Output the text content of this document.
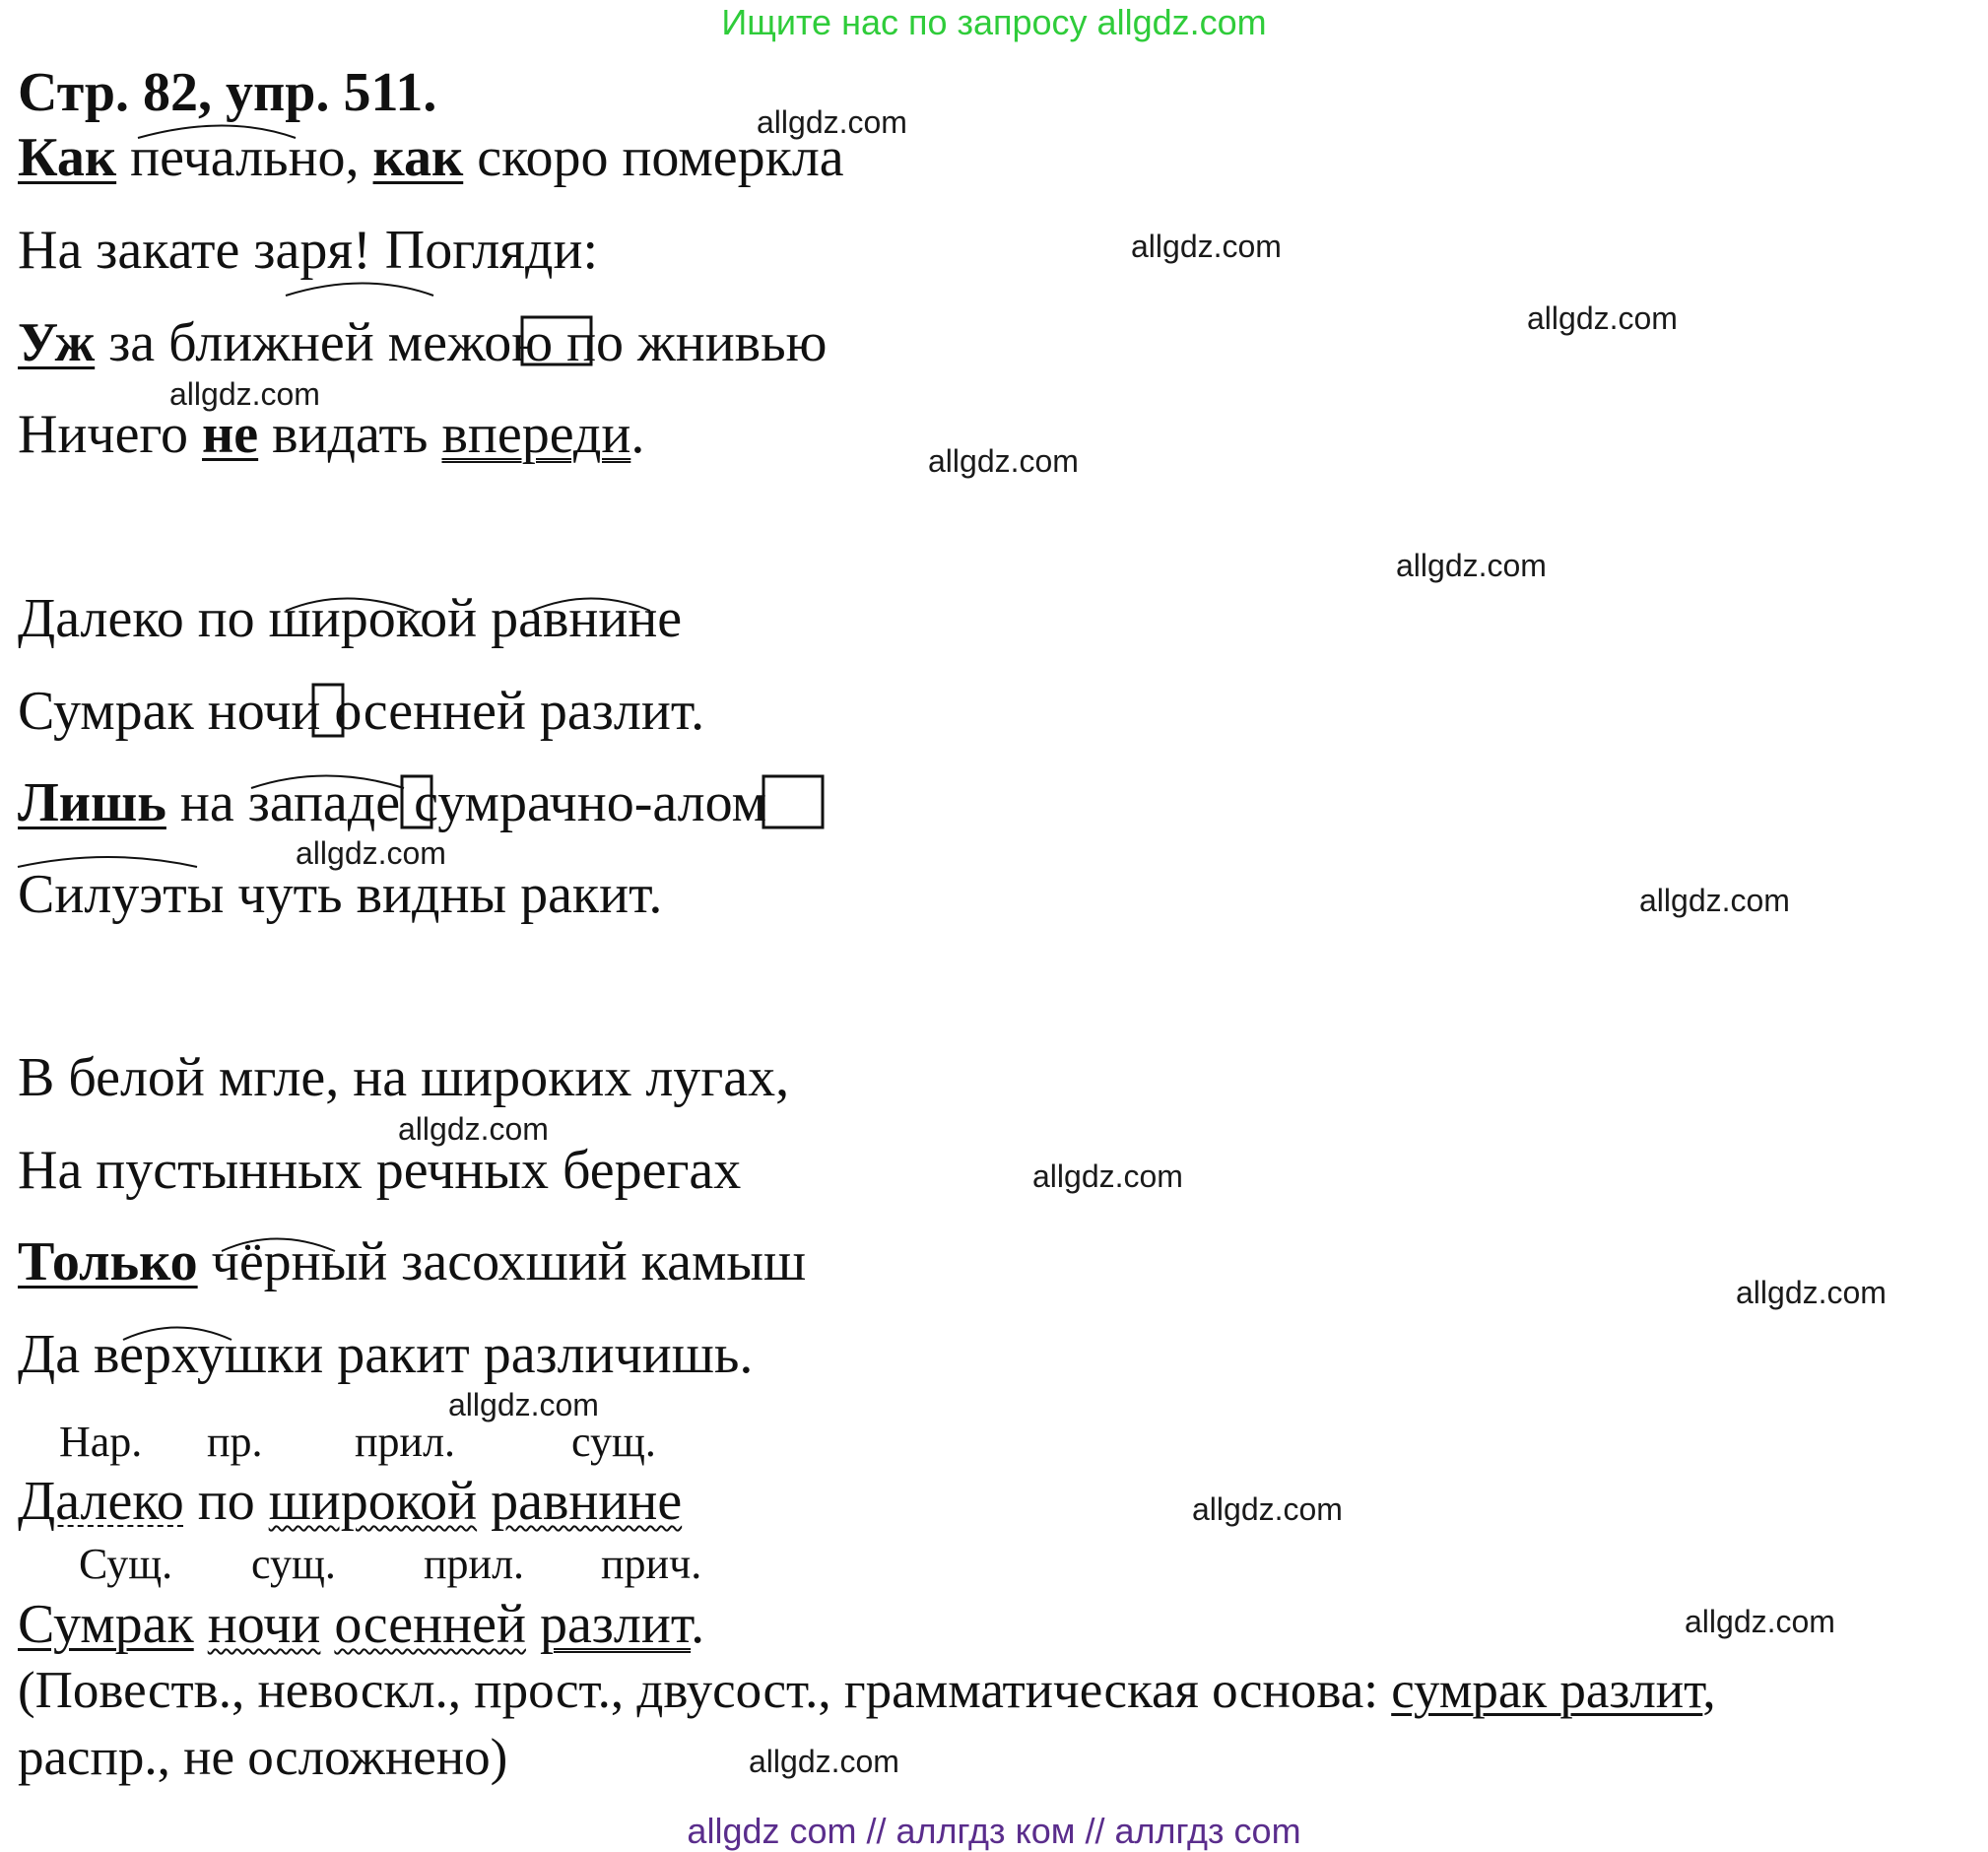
Ищите нас по запросу allgdz.com
Стр. 82, упр. 511.
Как печально, как скоро померкла
На закате заря! Погляди:
Уж за ближней межою по жнивью
Ничего не видать впереди.
Далеко по широкой равнине
Сумрак ночи осенней разлит.
Лишь на западе сумрачно-алом
Силуэты чуть видны ракит.
В белой мгле, на широких лугах,
На пустынных речных берегах
Только чёрный засохший камыш
Да верхушки ракит различишь.
Нар. пр. прил.	сущ.
Далеко по широкой равнине
Сущ. сущ. прил. прич.
Сумрак ночи осенней разлит.
(Повеств., невоскл., прост., двусост., грамматическая основа: сумрак разлит,
распр., не осложнено)
allgdz.com
allgdz.com
allgdz.com
allgdz.com
allgdz.com
allgdz.com
allgdz.com
allgdz.com
allgdz.com
allgdz.com
allgdz.com
allgdz.com
allgdz.com
allgdz.com
allgdz.com
allgdz com // аллгдз ком // аллгдз com
